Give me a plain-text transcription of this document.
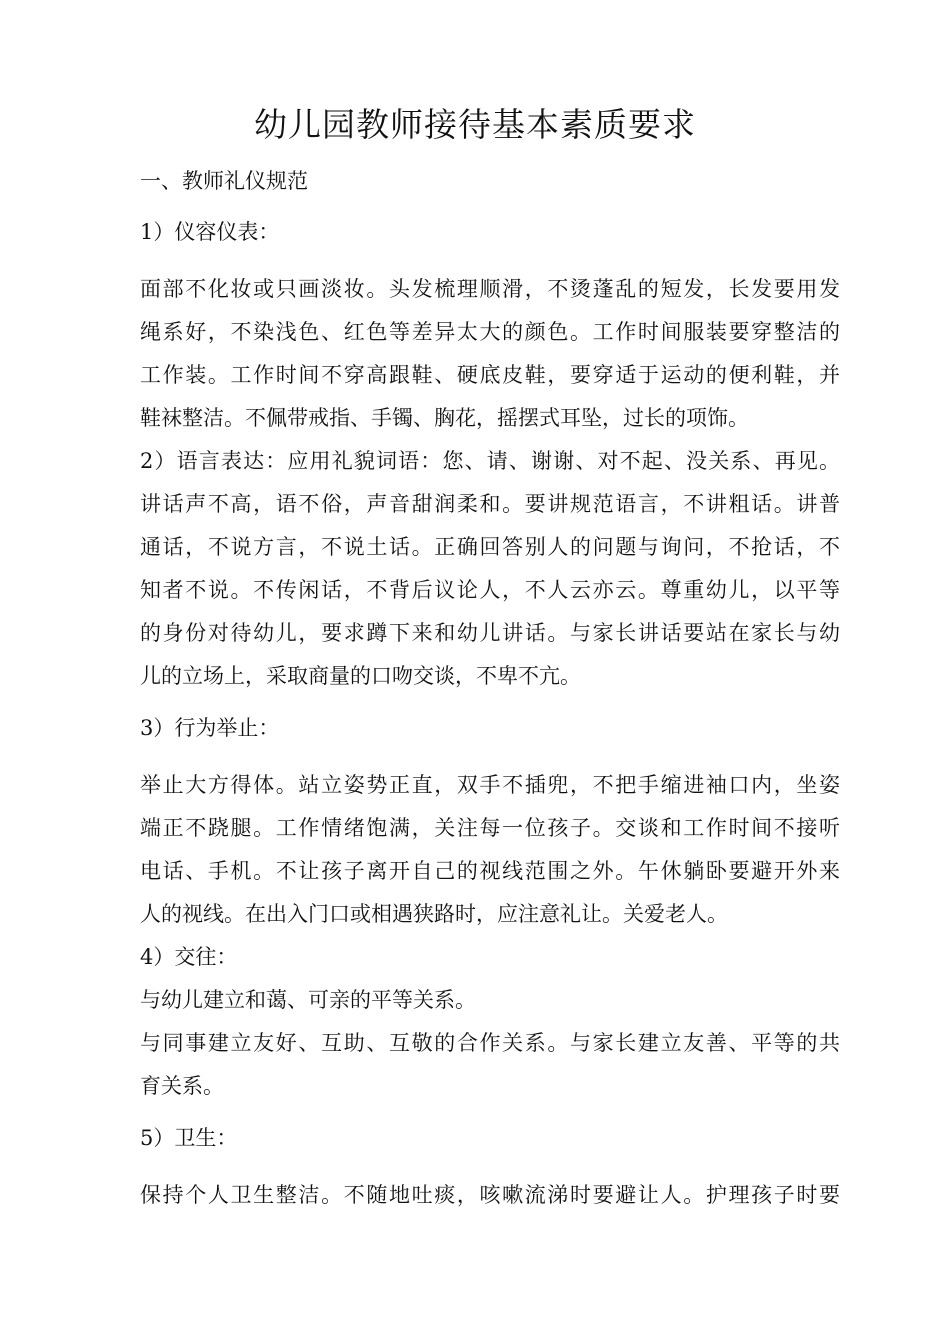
幼儿园教师接待基本素质要求
一、教师礼仪规范
1）仪容仪表：
面部不化妆或只画淡妆。头发梳理顺滑，不烫蓬乱的短发，长发要用发
绳系好，不染浅色、红色等差异太大的颜色。工作时间服装要穿整洁的
工作装。工作时间不穿高跟鞋、硬底皮鞋，要穿适于运动的便利鞋，并
鞋袜整洁。不佩带戒指、手镯、胸花，摇摆式耳坠，过长的项饰。
2）语言表达：应用礼貌词语：您、请、谢谢、对不起、没关系、再见。
讲话声不高，语不俗，声音甜润柔和。要讲规范语言，不讲粗话。讲普
通话，不说方言，不说土话。正确回答别人的问题与询问，不抢话，不
知者不说。不传闲话，不背后议论人，不人云亦云。尊重幼儿，以平等
的身份对待幼儿，要求蹲下来和幼儿讲话。与家长讲话要站在家长与幼
儿的立场上，采取商量的口吻交谈，不卑不亢。
3）行为举止：
举止大方得体。站立姿势正直，双手不插兜，不把手缩进袖口内，坐姿
端正不跷腿。工作情绪饱满，关注每一位孩子。交谈和工作时间不接听
电话、手机。不让孩子离开自己的视线范围之外。午休躺卧要避开外来
人的视线。在出入门口或相遇狭路时，应注意礼让。关爱老人。
4）交往：
与幼儿建立和蔼、可亲的平等关系。
与同事建立友好、互助、互敬的合作关系。与家长建立友善、平等的共
育关系。
5）卫生：
保持个人卫生整洁。不随地吐痰，咳嗽流涕时要避让人。护理孩子时要
